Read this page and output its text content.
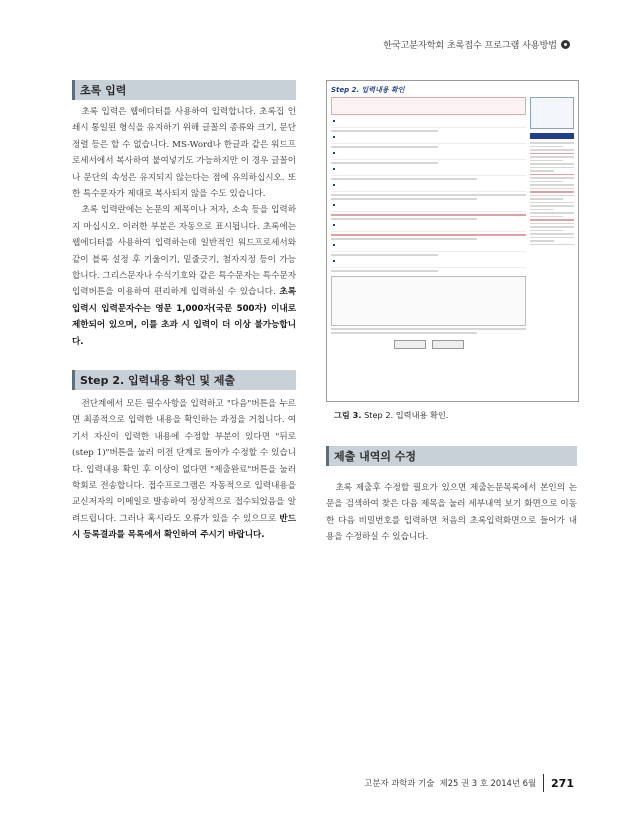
한국고분자학회 초록접수 프로그램 사용방법
초록 입력

초록 입력은 웹에디터를 사용하여 입력합니다. 초록집 인쇄시 통일된 형식을 유지하기 위해 글꼴의 종류와 크기, 문단정렬 등은 할 수 없습니다. MS-Word나 한글과 같은 워드프로세서에서 복사하여 붙여넣기도 가능하지만 이 경우 글꼴이나 문단의 속성은 유지되지 않는다는 점에 유의하십시오. 또한 특수문자가 제대로 복사되지 않을 수도 있습니다.

초록 입력란에는 논문의 제목이나 저자, 소속 등을 입력하지 마십시오. 이러한 부분은 자동으로 표시됩니다. 초록에는 웹에디터를 사용하여 입력하는데 일반적인 워드프로세서와 같이 블록 설정 후 기울이기, 밑줄긋기, 첨자지정 등이 가능합니다. 그리스문자나 수식기호와 같은 특수문자는 특수문자 입력버튼을 이용하여 편리하게 입력하실 수 있습니다. 초록 입력시 입력문자수는 영문 1,000자(국문 500자) 이내로 제한되어 있으며, 이를 초과 시 입력이 더 이상 불가능합니다.

Step 2. 입력내용 확인 및 제출

전단계에서 모든 필수사항을 입력하고 "다음"버튼을 누르면 최종적으로 입력한 내용을 확인하는 과정을 거칩니다. 여기서 자신이 입력한 내용에 수정할 부분이 있다면 "뒤로(step 1)"버튼을 눌러 이전 단계로 돌아가 수정할 수 있습니다. 입력내용 확인 후 이상이 없다면 "제출완료"버튼을 눌러 학회로 전송합니다. 접수프로그램은 자동적으로 입력내용을 교신저자의 이메일로 발송하여 정상적으로 접수되었음을 알려드립니다. 그러나 혹시라도 오류가 있을 수 있으므로 반드시 등록결과를 목록에서 확인하여 주시기 바랍니다.

Step 2. 입력내용 확인
그림 3. Step 2. 입력내용 확인.
제출 내역의 수정

초록 제출후 수정할 필요가 있으면 제출논문목록에서 본인의 논문을 검색하여 찾은 다음 제목을 눌러 세부내역 보기 화면으로 이동한 다음 비밀번호를 입력하면 처음의 초록입력화면으로 들어가 내용을 수정하실 수 있습니다.

고분자 과학과 기술
제25 권 3 호 2014년 6월 271
